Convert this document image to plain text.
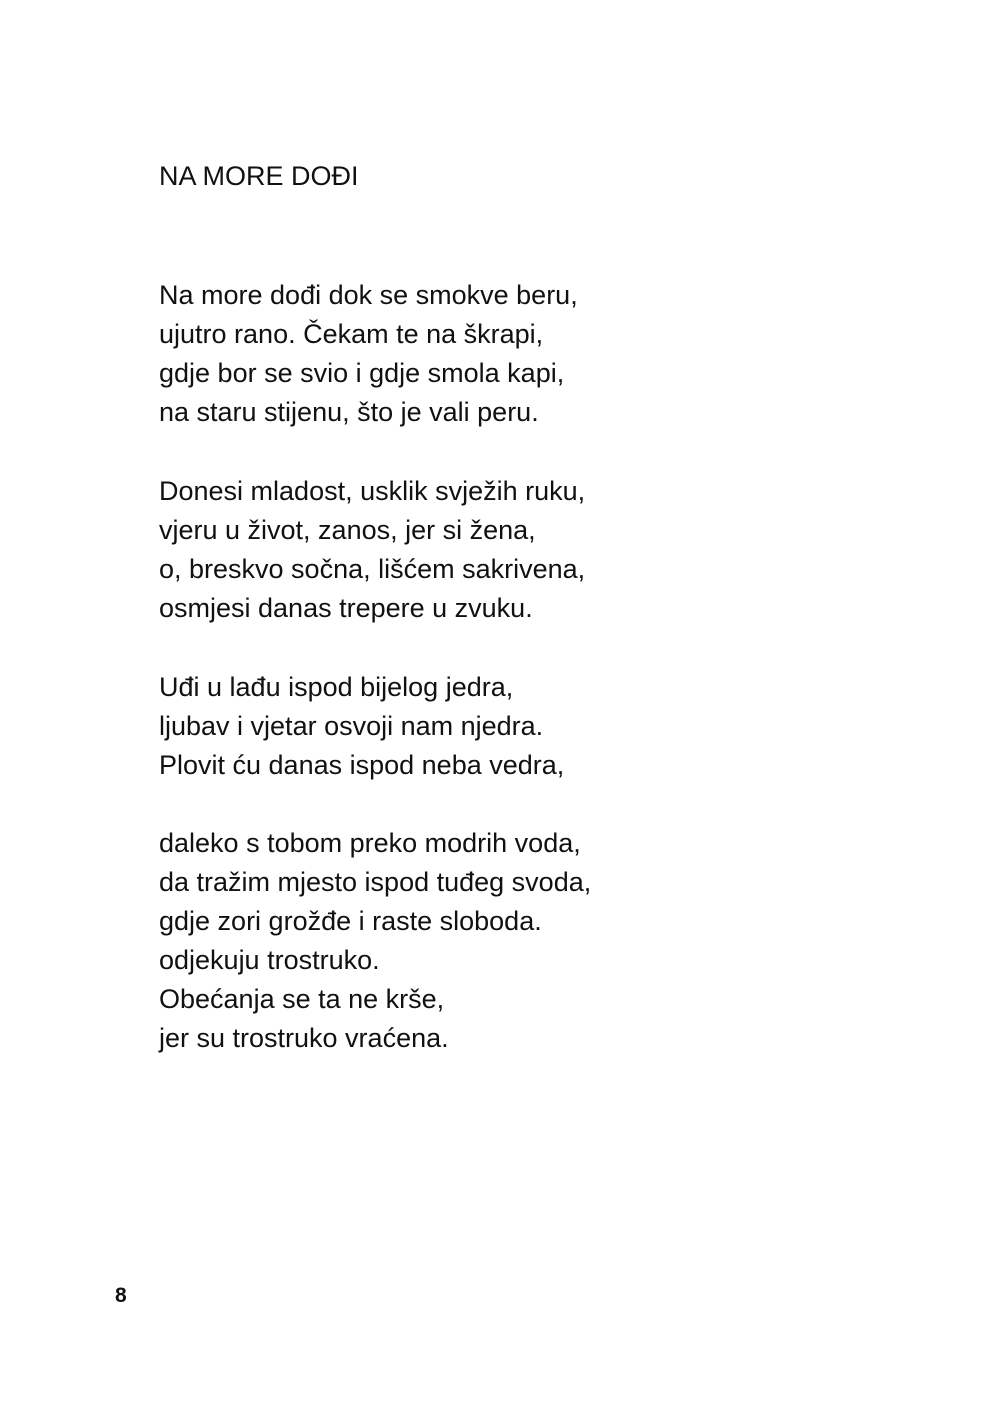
NA MORE DOĐI
Na more dođi dok se smokve beru,
ujutro rano. Čekam te na škrapi,
gdje bor se svio i gdje smola kapi,
na staru stijenu, što je vali peru.
Donesi mladost, usklik svježih ruku,
vjeru u život, zanos, jer si žena,
o, breskvo sočna, lišćem sakrivena,
osmjesi danas trepere u zvuku.
Uđi u lađu ispod bijelog jedra,
ljubav i vjetar osvoji nam njedra.
Plovit ću danas ispod neba vedra,
daleko s tobom preko modrih voda,
da tražim mjesto ispod tuđeg svoda,
gdje zori grožđe i raste sloboda.
odjekuju trostruko.
Obećanja se ta ne krše,
jer su trostruko vraćena.

8
